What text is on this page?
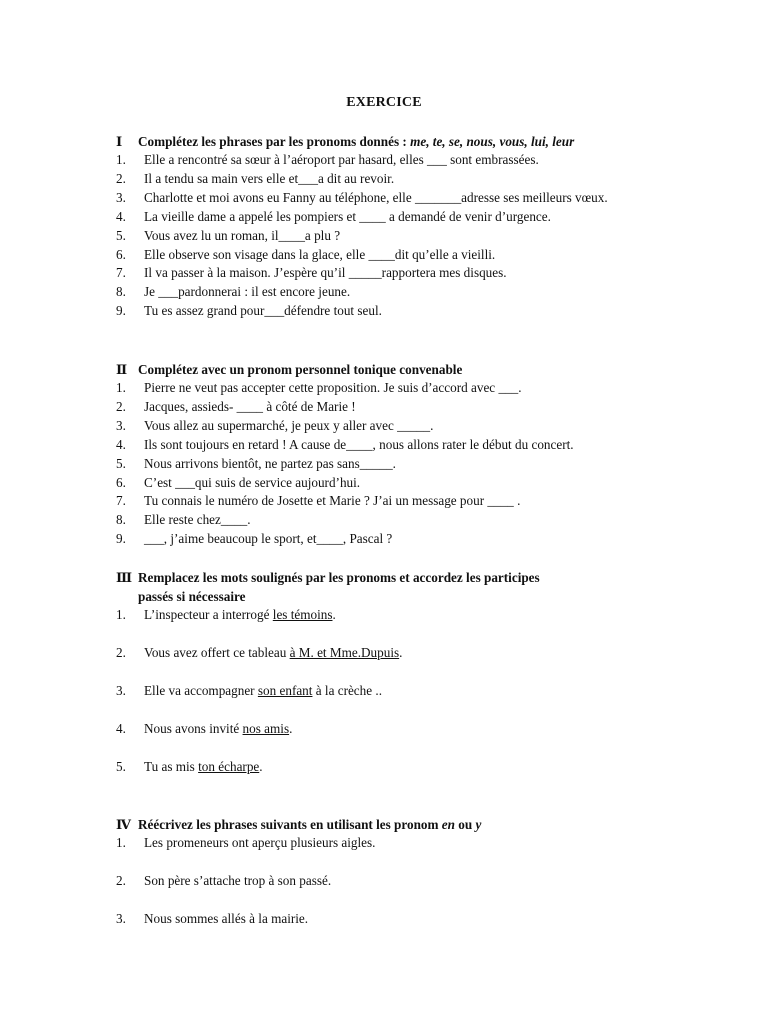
EXERCICE
Ⅰ Complétez les phrases par les pronoms donnés : me, te, se, nous, vous, lui, leur
1. Elle a rencontré sa sœur à l’aéroport par hasard, elles ___ sont embrassées.
2. Il a tendu sa main vers elle et___a dit au revoir.
3. Charlotte et moi avons eu Fanny au téléphone, elle _______adresse ses meilleurs vœux.
4. La vieille dame a appelé les pompiers et ____ a demandé de venir d’urgence.
5. Vous avez lu un roman, il____a plu ?
6. Elle observe son visage dans la glace, elle ____dit qu’elle a vieilli.
7. Il va passer à la maison. J’espère qu’il _____rapportera mes disques.
8. Je ___pardonnerai : il est encore jeune.
9. Tu es assez grand pour___défendre tout seul.
Ⅱ Complétez avec un pronom personnel tonique convenable
1. Pierre ne veut pas accepter cette proposition. Je suis d’accord avec ___.
2. Jacques, assieds- ____ à côté de Marie !
3. Vous allez au supermarché, je peux y aller avec _____.
4. Ils sont toujours en retard ! A cause de____, nous allons rater le début du concert.
5. Nous arrivons bientôt, ne partez pas sans_____.
6. C’est ___qui suis de service aujourd’hui.
7. Tu connais le numéro de Josette et Marie ? J’ai un message pour ____ .
8. Elle reste chez____.
9. ___, j’aime beaucoup le sport, et____, Pascal ?
Ⅲ Remplacez les mots soulignés par les pronoms et accordez les participes
passés si nécessaire
1. L’inspecteur a interrogé les témoins.
2. Vous avez offert ce tableau à M. et Mme.Dupuis.
3. Elle va accompagner son enfant à la crèche ..
4. Nous avons invité nos amis.
5. Tu as mis ton écharpe.
Ⅳ Réécrivez les phrases suivants en utilisant les pronom en ou y
1. Les promeneurs ont aperçu plusieurs aigles.
2. Son père s’attache trop à son passé.
3. Nous sommes allés à la mairie.
